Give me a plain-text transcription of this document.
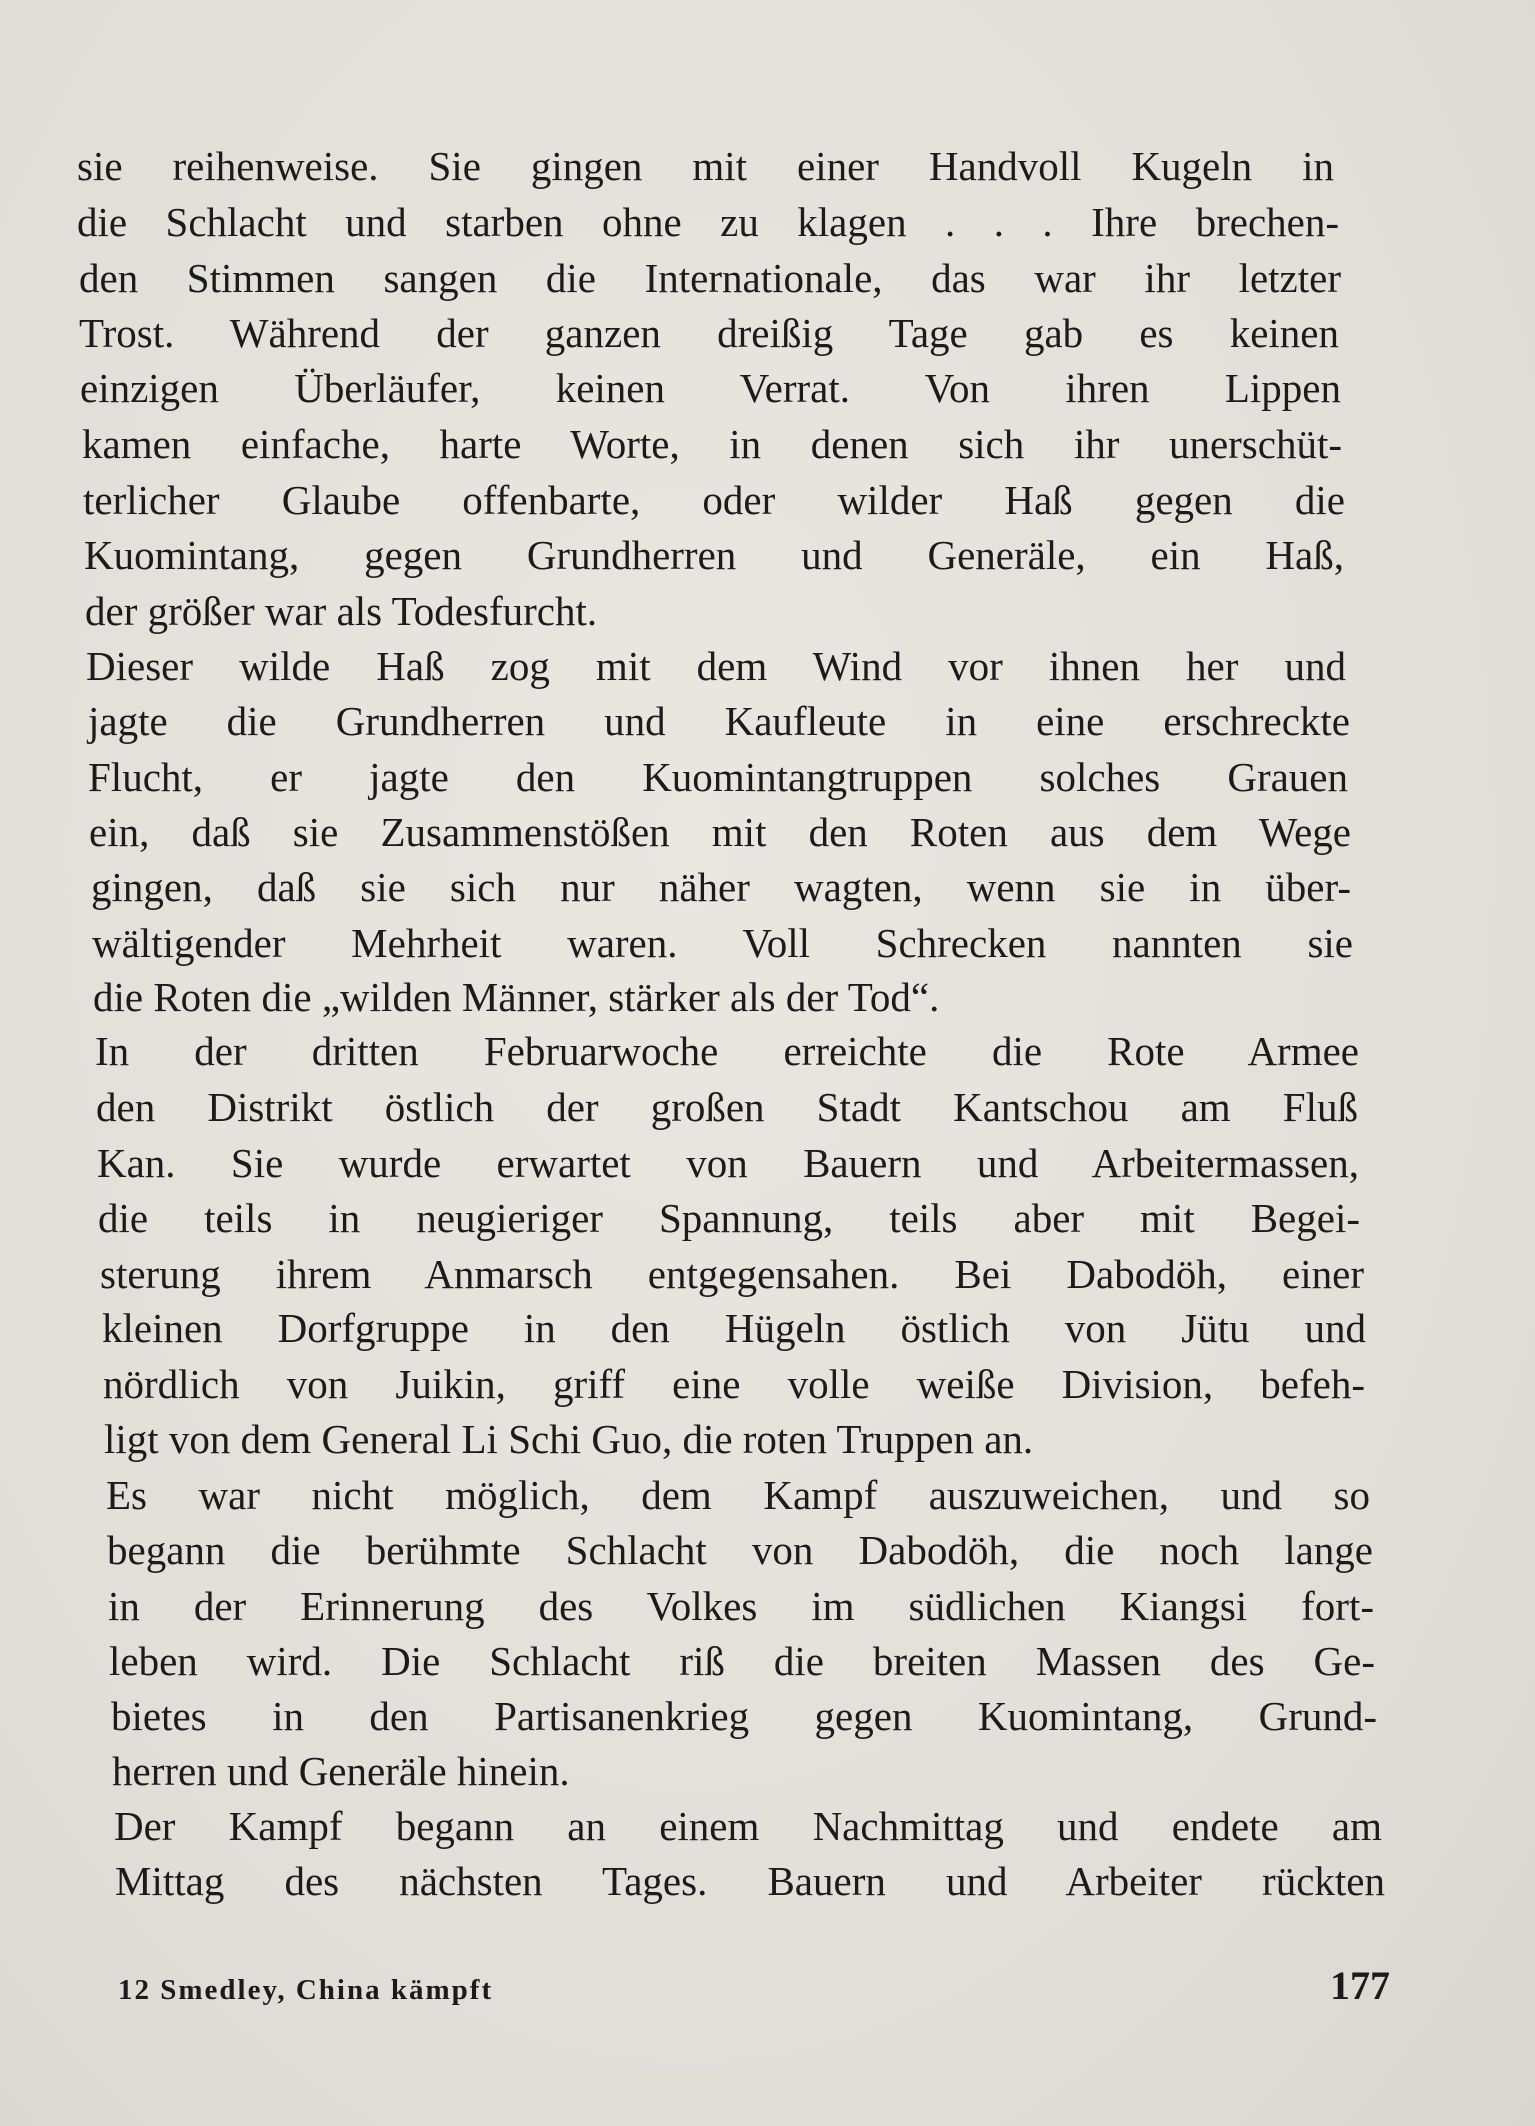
sie reihenweise. Sie gingen mit einer Handvoll Kugeln in
die Schlacht und starben ohne zu klagen . . . Ihre brechen-
den Stimmen sangen die Internationale, das war ihr letzter
Trost. Während der ganzen dreißig Tage gab es keinen
einzigen Überläufer, keinen Verrat. Von ihren Lippen
kamen einfache, harte Worte, in denen sich ihr unerschüt-
terlicher Glaube offenbarte, oder wilder Haß gegen die
Kuomintang, gegen Grundherren und Generäle, ein Haß,
der größer war als Todesfurcht.
Dieser wilde Haß zog mit dem Wind vor ihnen her und
jagte die Grundherren und Kaufleute in eine erschreckte
Flucht, er jagte den Kuomintangtruppen solches Grauen
ein, daß sie Zusammenstößen mit den Roten aus dem Wege
gingen, daß sie sich nur näher wagten, wenn sie in über-
wältigender Mehrheit waren. Voll Schrecken nannten sie
die Roten die „wilden Männer, stärker als der Tod“.
In der dritten Februarwoche erreichte die Rote Armee
den Distrikt östlich der großen Stadt Kantschou am Fluß
Kan. Sie wurde erwartet von Bauern und Arbeitermassen,
die teils in neugieriger Spannung, teils aber mit Begei-
sterung ihrem Anmarsch entgegensahen. Bei Dabodöh, einer
kleinen Dorfgruppe in den Hügeln östlich von Jütu und
nördlich von Juikin, griff eine volle weiße Division, befeh-
ligt von dem General Li Schi Guo, die roten Truppen an.
Es war nicht möglich, dem Kampf auszuweichen, und so
begann die berühmte Schlacht von Dabodöh, die noch lange
in der Erinnerung des Volkes im südlichen Kiangsi fort-
leben wird. Die Schlacht riß die breiten Massen des Ge-
bietes in den Partisanenkrieg gegen Kuomintang, Grund-
herren und Generäle hinein.
Der Kampf begann an einem Nachmittag und endete am
Mittag des nächsten Tages. Bauern und Arbeiter rückten
12 Smedley, China kämpft	177
